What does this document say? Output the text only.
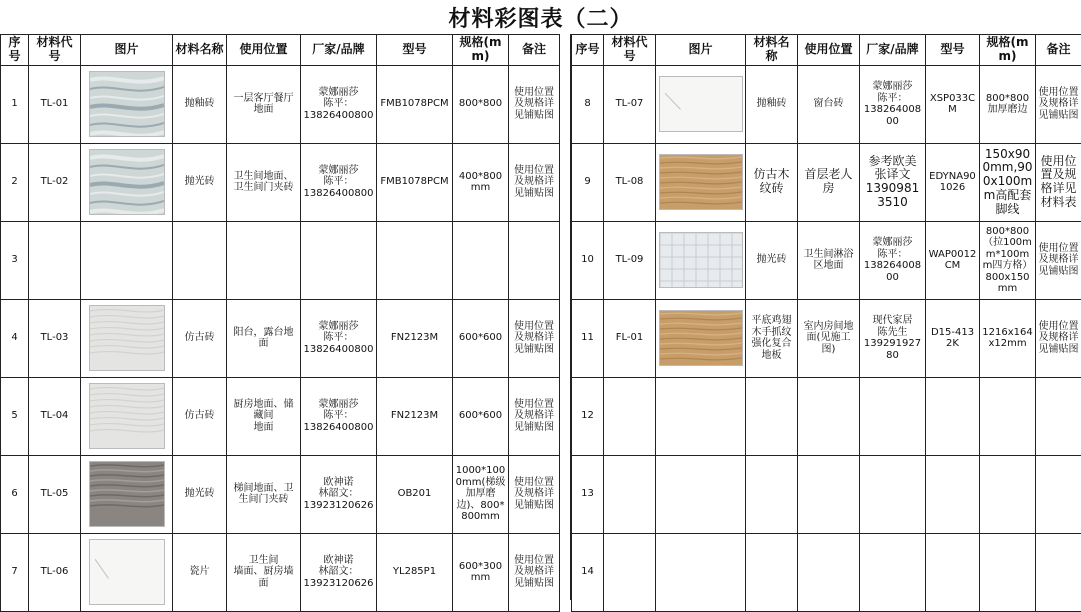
材料彩图表（二）
序号	材料代号	图片	材料名称	使用位置	厂家/品牌	型号	规格(mm)	备注
1	TL-01		抛釉砖	一层客厅餐厅地面	蒙娜丽莎
陈平：
13826400800	FMB1078PCM	800*800	使用位置及规格详见铺贴图
2	TL-02		抛光砖	卫生间地面、卫生间门夹砖	蒙娜丽莎
陈平：
13826400800	FMB1078PCM	400*800mm	使用位置及规格详见铺贴图
3								
4	TL-03		仿古砖	阳台，露台地面	蒙娜丽莎
陈平：
13826400800	FN2123M	600*600	使用位置及规格详见铺贴图
5	TL-04		仿古砖	厨房地面、储藏间
地面	蒙娜丽莎
陈平：
13826400800	FN2123M	600*600	使用位置及规格详见铺贴图
6	TL-05		抛光砖	梯间地面、卫生间门夹砖	欧神诺
林韶文：
13923120626	OB201	1000*1000mm(梯级加厚磨边)、800*800mm	使用位置及规格详见铺贴图
7	TL-06		瓷片	卫生间
墙面、厨房墙面	欧神诺
林韶文：
13923120626	YL285P1	600*300mm	使用位置及规格详见铺贴图
序号	材料代号	图片	材料名称	使用位置	厂家/品牌	型号	规格(mm)	备注
8	TL-07		抛釉砖	窗台砖	蒙娜丽莎
陈平：
13826400800	XSP033CM	800*800 加厚磨边	使用位置及规格详见铺贴图
9	TL-08		仿古木纹砖	首层老人房	参考欧美
张译文
13909813510	EDYNA901026	150x900mm,900x100mm高配套脚线	使用位置及规格详见材料表
10	TL-09		抛光砖	卫生间淋浴区地面	蒙娜丽莎
陈平：
13826400800	WAP0012CM	800*800（拉100mm*100mm四方格）800x150mm	使用位置及规格详见铺贴图
11	FL-01		平底鸡翅木手抓纹强化复合地板	室内房间地面(见施工图)	现代家居
陈先生
13929192780	D15-4132K	1216x164x12mm	使用位置及规格详见铺贴图
12								
13								
14								
